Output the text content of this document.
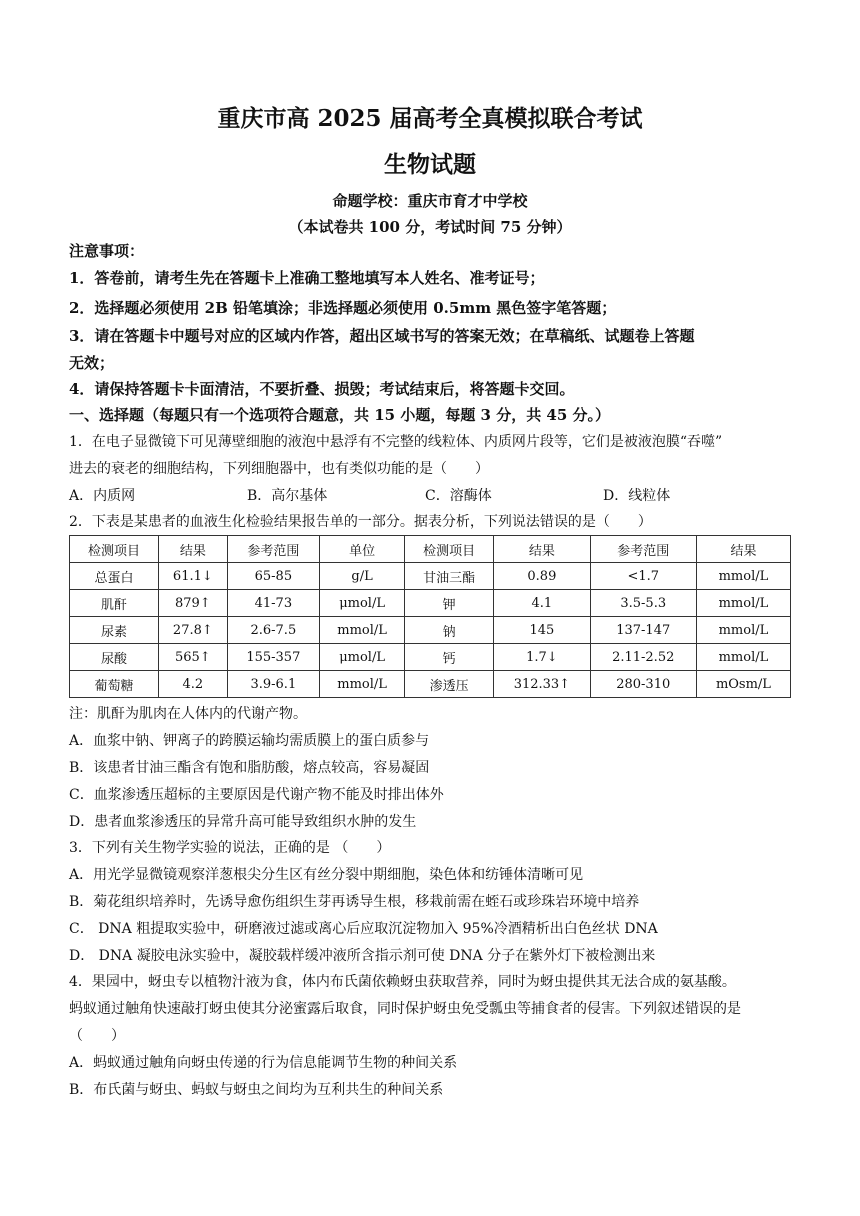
重庆市高 2025 届高考全真模拟联合考试
生物试题
命题学校：重庆市育才中学校
（本试卷共 100 分，考试时间 75 分钟）
注意事项：
1．答卷前，请考生先在答题卡上准确工整地填写本人姓名、准考证号；
2．选择题必须使用 2B 铅笔填涂；非选择题必须使用 0.5mm 黑色签字笔答题；
3．请在答题卡中题号对应的区域内作答，超出区域书写的答案无效；在草稿纸、试题卷上答题
无效；
4．请保持答题卡卡面清洁，不要折叠、损毁；考试结束后，将答题卡交回。
一、选择题（每题只有一个选项符合题意，共 15 小题，每题 3 分，共 45 分。）
1．在电子显微镜下可见薄壁细胞的液泡中悬浮有不完整的线粒体、内质网片段等，它们是被液泡膜“吞噬”
进去的衰老的细胞结构，下列细胞器中，也有类似功能的是（　　）
A．内质网	B．高尔基体	C．溶酶体	D．线粒体
2．下表是某患者的血液生化检验结果报告单的一部分。据表分析，下列说法错误的是（　　）
检测项目	结果	参考范围	单位	检测项目	结果	参考范围	结果
总蛋白	61.1↓	65-85	g/L	甘油三酯	0.89	<1.7	mmol/L
肌酐	879↑	41-73	μmol/L	钾	4.1	3.5-5.3	mmol/L
尿素	27.8↑	2.6-7.5	mmol/L	钠	145	137-147	mmol/L
尿酸	565↑	155-357	μmol/L	钙	1.7↓	2.11-2.52	mmol/L
葡萄糖	4.2	3.9-6.1	mmol/L	渗透压	312.33↑	280-310	mOsm/L
注：肌酐为肌肉在人体内的代谢产物。
A．血浆中钠、钾离子的跨膜运输均需质膜上的蛋白质参与
B．该患者甘油三酯含有饱和脂肪酸，熔点较高，容易凝固
C．血浆渗透压超标的主要原因是代谢产物不能及时排出体外
D．患者血浆渗透压的异常升高可能导致组织水肿的发生
3．下列有关生物学实验的说法，正确的是 （　　）
A．用光学显微镜观察洋葱根尖分生区有丝分裂中期细胞，染色体和纺锤体清晰可见
B．菊花组织培养时，先诱导愈伤组织生芽再诱导生根，移栽前需在蛭石或珍珠岩环境中培养
C． DNA 粗提取实验中，研磨液过滤或离心后应取沉淀物加入 95%冷酒精析出白色丝状 DNA
D． DNA 凝胶电泳实验中，凝胶载样缓冲液所含指示剂可使 DNA 分子在紫外灯下被检测出来
4．果园中，蚜虫专以植物汁液为食，体内布氏菌依赖蚜虫获取营养，同时为蚜虫提供其无法合成的氨基酸。
蚂蚁通过触角快速敲打蚜虫使其分泌蜜露后取食，同时保护蚜虫免受瓢虫等捕食者的侵害。下列叙述错误的是
（　　）
A．蚂蚁通过触角向蚜虫传递的行为信息能调节生物的种间关系
B．布氏菌与蚜虫、蚂蚁与蚜虫之间均为互利共生的种间关系
